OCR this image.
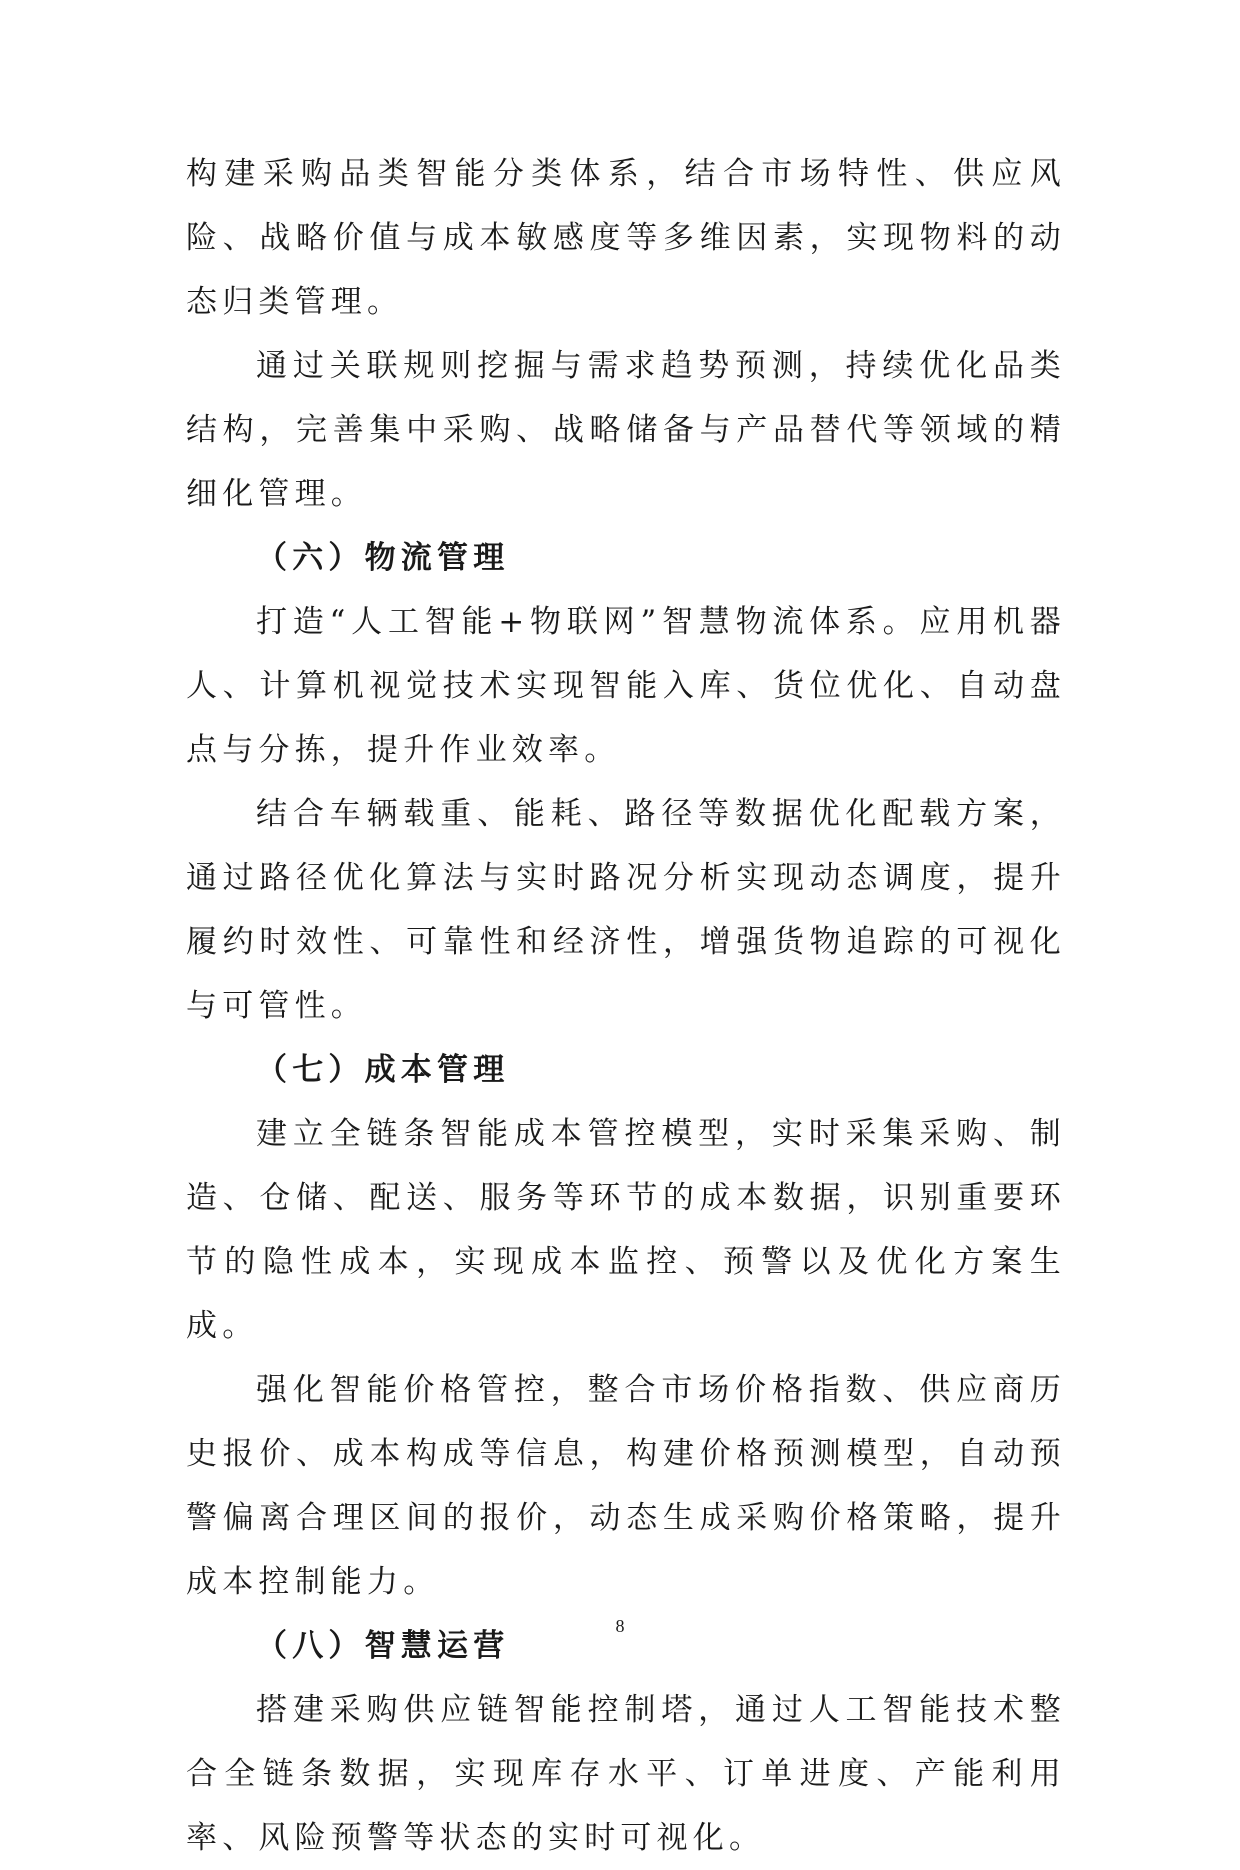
构建采购品类智能分类体系，结合市场特性、供应风险、战略价值与成本敏感度等多维因素，实现物料的动态归类管理。

通过关联规则挖掘与需求趋势预测，持续优化品类结构，完善集中采购、战略储备与产品替代等领域的精细化管理。

（六）物流管理

打造“人工智能+物联网”智慧物流体系。应用机器人、计算机视觉技术实现智能入库、货位优化、自动盘点与分拣，提升作业效率。

结合车辆载重、能耗、路径等数据优化配载方案，通过路径优化算法与实时路况分析实现动态调度，提升履约时效性、可靠性和经济性，增强货物追踪的可视化与可管性。

（七）成本管理

建立全链条智能成本管控模型，实时采集采购、制造、仓储、配送、服务等环节的成本数据，识别重要环节的隐性成本，实现成本监控、预警以及优化方案生成。

强化智能价格管控，整合市场价格指数、供应商历史报价、成本构成等信息，构建价格预测模型，自动预警偏离合理区间的报价，动态生成采购价格策略，提升成本控制能力。

（八）智慧运营

搭建采购供应链智能控制塔，通过人工智能技术整合全链条数据，实现库存水平、订单进度、产能利用率、风险预警等状态的实时可视化。

8
